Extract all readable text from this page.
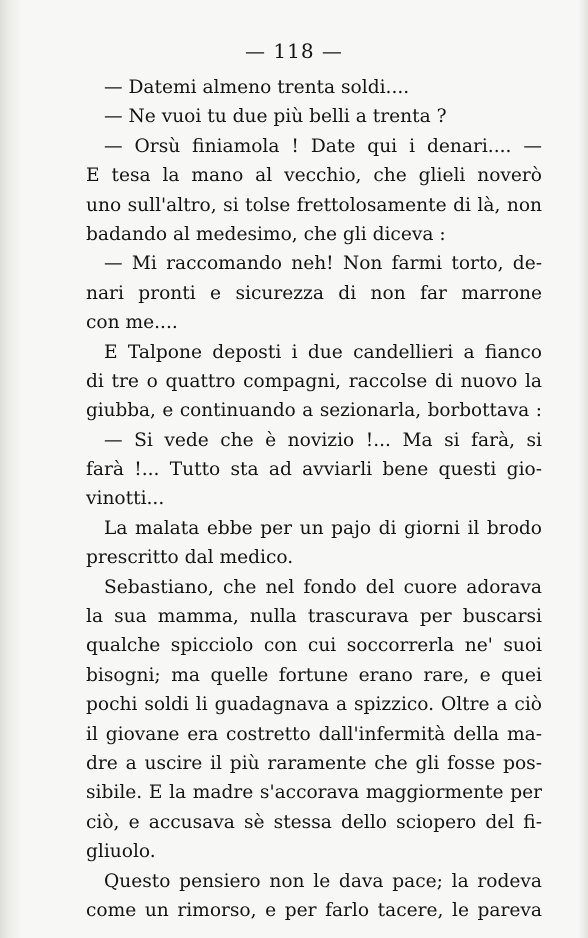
— 118 —
— Datemi almeno trenta soldi....
— Ne vuoi tu due più belli a trenta ?
— Orsù finiamola ! Date qui i denari.... —
E tesa la mano al vecchio, che glieli noverò
uno sull'altro, si tolse frettolosamente di là, non
badando al medesimo, che gli diceva :
— Mi raccomando neh! Non farmi torto, de-
nari pronti e sicurezza di non far marrone
con me....
E Talpone deposti i due candellieri a fianco
di tre o quattro compagni, raccolse di nuovo la
giubba, e continuando a sezionarla, borbottava :
— Si vede che è novizio !... Ma si farà, si
farà !... Tutto sta ad avviarli bene questi gio-
vinotti...
La malata ebbe per un pajo di giorni il brodo
prescritto dal medico.
Sebastiano, che nel fondo del cuore adorava
la sua mamma, nulla trascurava per buscarsi
qualche spicciolo con cui soccorrerla ne' suoi
bisogni; ma quelle fortune erano rare, e quei
pochi soldi li guadagnava a spizzico. Oltre a ciò
il giovane era costretto dall'infermità della ma-
dre a uscire il più raramente che gli fosse pos-
sibile. E la madre s'accorava maggiormente per
ciò, e accusava sè stessa dello sciopero del fi-
gliuolo.
Questo pensiero non le dava pace; la rodeva
come un rimorso, e per farlo tacere, le pareva
